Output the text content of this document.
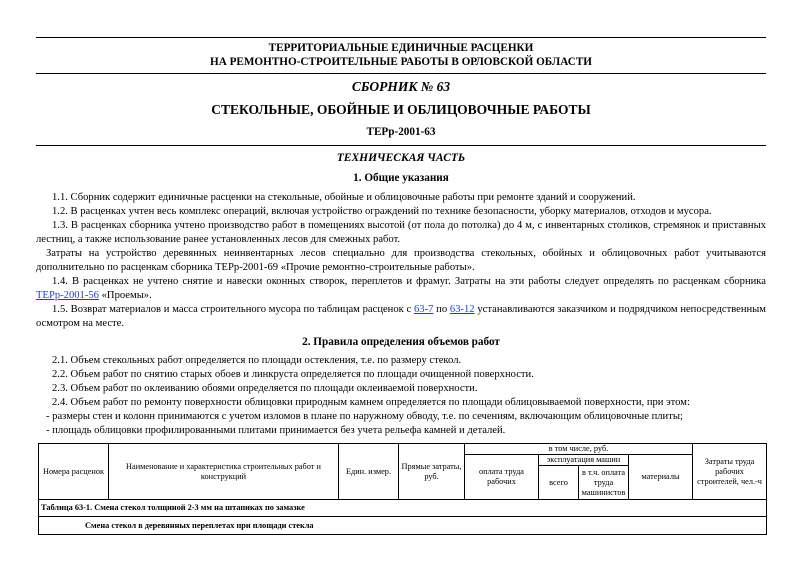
ТЕРРИТОРИАЛЬНЫЕ ЕДИНИЧНЫЕ РАСЦЕНКИ
НА РЕМОНТНО-СТРОИТЕЛЬНЫЕ РАБОТЫ В ОРЛОВСКОЙ ОБЛАСТИ
СБОРНИК № 63
СТЕКОЛЬНЫЕ, ОБОЙНЫЕ И ОБЛИЦОВОЧНЫЕ РАБОТЫ
ТЕРр-2001-63
ТЕХНИЧЕСКАЯ ЧАСТЬ
1. Общие указания
1.1. Сборник содержит единичные расценки на стекольные, обойные и облицовочные работы при ремонте зданий и сооружений.
1.2. В расценках учтен весь комплекс операций, включая устройство ограждений по технике безопасности, уборку материалов, отходов и мусора.
1.3. В расценках сборника учтено производство работ в помещениях высотой (от пола до потолка) до 4 м, с инвентарных столиков, стремянок и приставных лестниц, а также использование ранее установленных лесов для смежных работ.
Затраты на устройство деревянных неинвентарных лесов специально для производства стекольных, обойных и облицовочных работ учитываются дополнительно по расценкам сборника ТЕРр-2001-69 «Прочие ремонтно-строительные работы».
1.4. В расценках не учтено снятие и навески оконных створок, переплетов и фрамуг. Затраты на эти работы следует определять по расценкам сборника ТЕРр-2001-56 «Проемы».
1.5. Возврат материалов и масса строительного мусора по таблицам расценок с 63-7 по 63-12 устанавливаются заказчиком и подрядчиком непосредственным осмотром на месте.
2. Правила определения объемов работ
2.1. Объем стекольных работ определяется по площади остекления, т.е. по размеру стекол.
2.2. Объем работ по снятию старых обоев и линкруста определяется по площади очищенной поверхности.
2.3. Объем работ по оклеиванию обоями определяется по площади оклеиваемой поверхности.
2.4. Объем работ по ремонту поверхности облицовки природным камнем определяется по площади облицовываемой поверхности, при этом:
- размеры стен и колонн принимаются с учетом изломов в плане по наружному обводу, т.е. по сечениям, включающим облицовочные плиты;
- площадь облицовки профилированными плитами принимается без учета рельефа камней и деталей.
Номера расценок	Наименование и характеристика строительных работ и конструкций	Един. измер.	Прямые затраты, руб.	в том числе, руб.				Затраты труда рабочих строителей, чел.-ч
				оплата труда рабочих	эксплуатация машин		материалы	
					всего	в т.ч. оплата труда машинистов		
Таблица 63-1. Смена стекол толщиной 2-3 мм на штапиках по замазке								
Смена стекол в деревянных переплетах при площади стекла								
